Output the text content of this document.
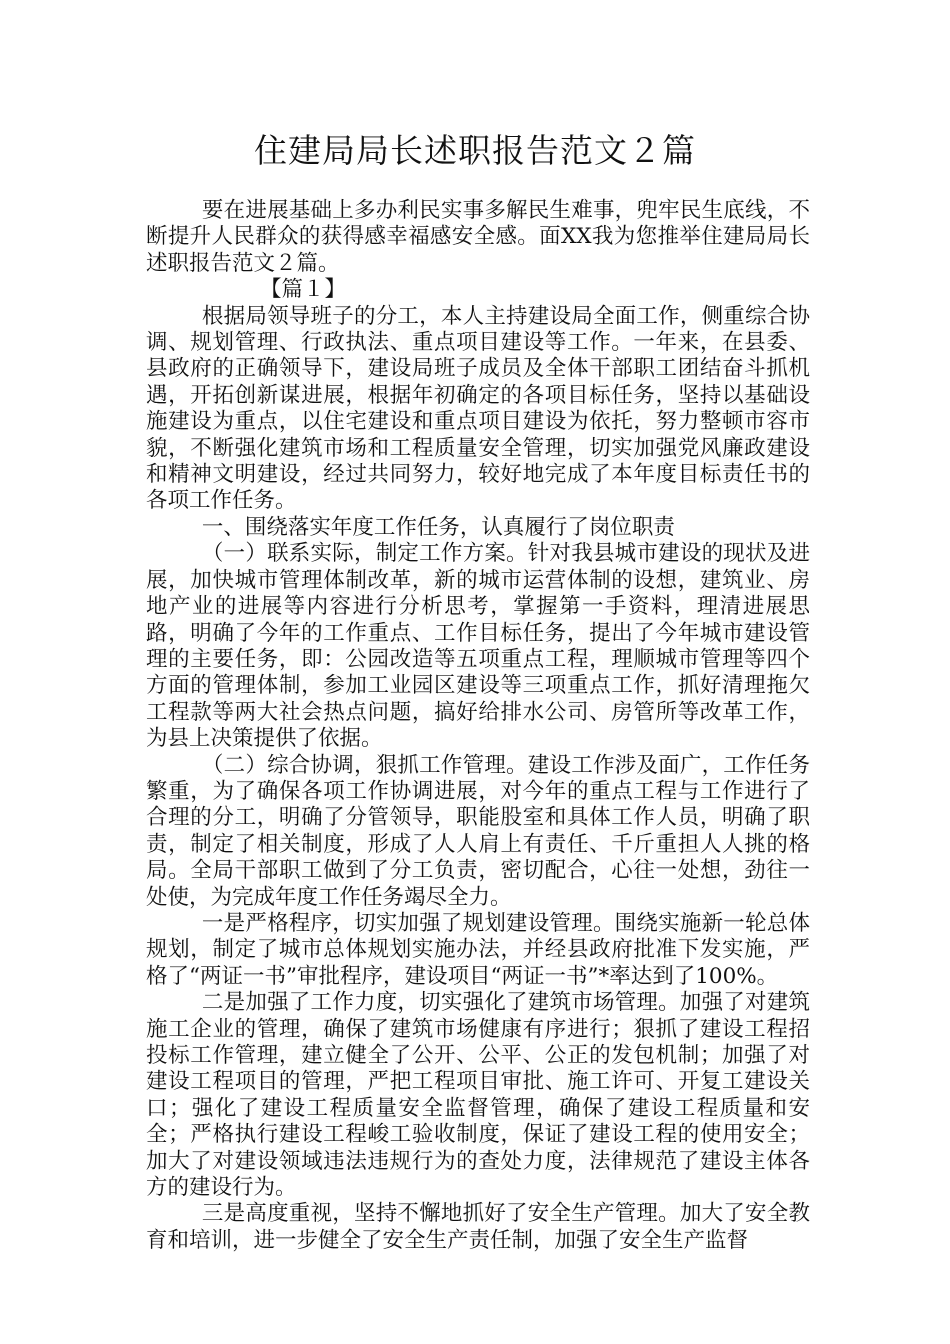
住建局局长述职报告范文２篇

要在进展基础上多办利民实事多解民生难事，兜牢民生底线，不断提升人民群众的获得感幸福感安全感。面XX我为您推举住建局局长述职报告范文２篇。

【篇１】

根据局领导班子的分工，本人主持建设局全面工作，侧重综合协调、规划管理、行政执法、重点项目建设等工作。一年来，在县委、县政府的正确领导下，建设局班子成员及全体干部职工团结奋斗抓机遇，开拓创新谋进展，根据年初确定的各项目标任务，坚持以基础设施建设为重点，以住宅建设和重点项目建设为依托，努力整顿市容市貌，不断强化建筑市场和工程质量安全管理，切实加强党风廉政建设和精神文明建设，经过共同努力，较好地完成了本年度目标责任书的各项工作任务。

一、围绕落实年度工作任务，认真履行了岗位职责

（一）联系实际，制定工作方案。针对我县城市建设的现状及进展，加快城市管理体制改革，新的城市运营体制的设想，建筑业、房地产业的进展等内容进行分析思考，掌握第一手资料，理清进展思路，明确了今年的工作重点、工作目标任务，提出了今年城市建设管理的主要任务，即：公园改造等五项重点工程，理顺城市管理等四个方面的管理体制，参加工业园区建设等三项重点工作，抓好清理拖欠工程款等两大社会热点问题，搞好给排水公司、房管所等改革工作，为县上决策提供了依据。

（二）综合协调，狠抓工作管理。建设工作涉及面广，工作任务繁重，为了确保各项工作协调进展，对今年的重点工程与工作进行了合理的分工，明确了分管领导，职能股室和具体工作人员，明确了职责，制定了相关制度，形成了人人肩上有责任、千斤重担人人挑的格局。全局干部职工做到了分工负责，密切配合，心往一处想，劲往一处使，为完成年度工作任务竭尽全力。

一是严格程序，切实加强了规划建设管理。围绕实施新一轮总体规划，制定了城市总体规划实施办法，并经县政府批准下发实施，严格了“两证一书”审批程序，建设项目“两证一书”*率达到了100%。

二是加强了工作力度，切实强化了建筑市场管理。加强了对建筑施工企业的管理，确保了建筑市场健康有序进行；狠抓了建设工程招投标工作管理，建立健全了公开、公平、公正的发包机制；加强了对建设工程项目的管理，严把工程项目审批、施工许可、开复工建设关口；强化了建设工程质量安全监督管理，确保了建设工程质量和安全；严格执行建设工程峻工验收制度，保证了建设工程的使用安全；加大了对建设领域违法违规行为的查处力度，法律规范了建设主体各方的建设行为。

三是高度重视，坚持不懈地抓好了安全生产管理。加大了安全教育和培训，进一步健全了安全生产责任制，加强了安全生产监督
